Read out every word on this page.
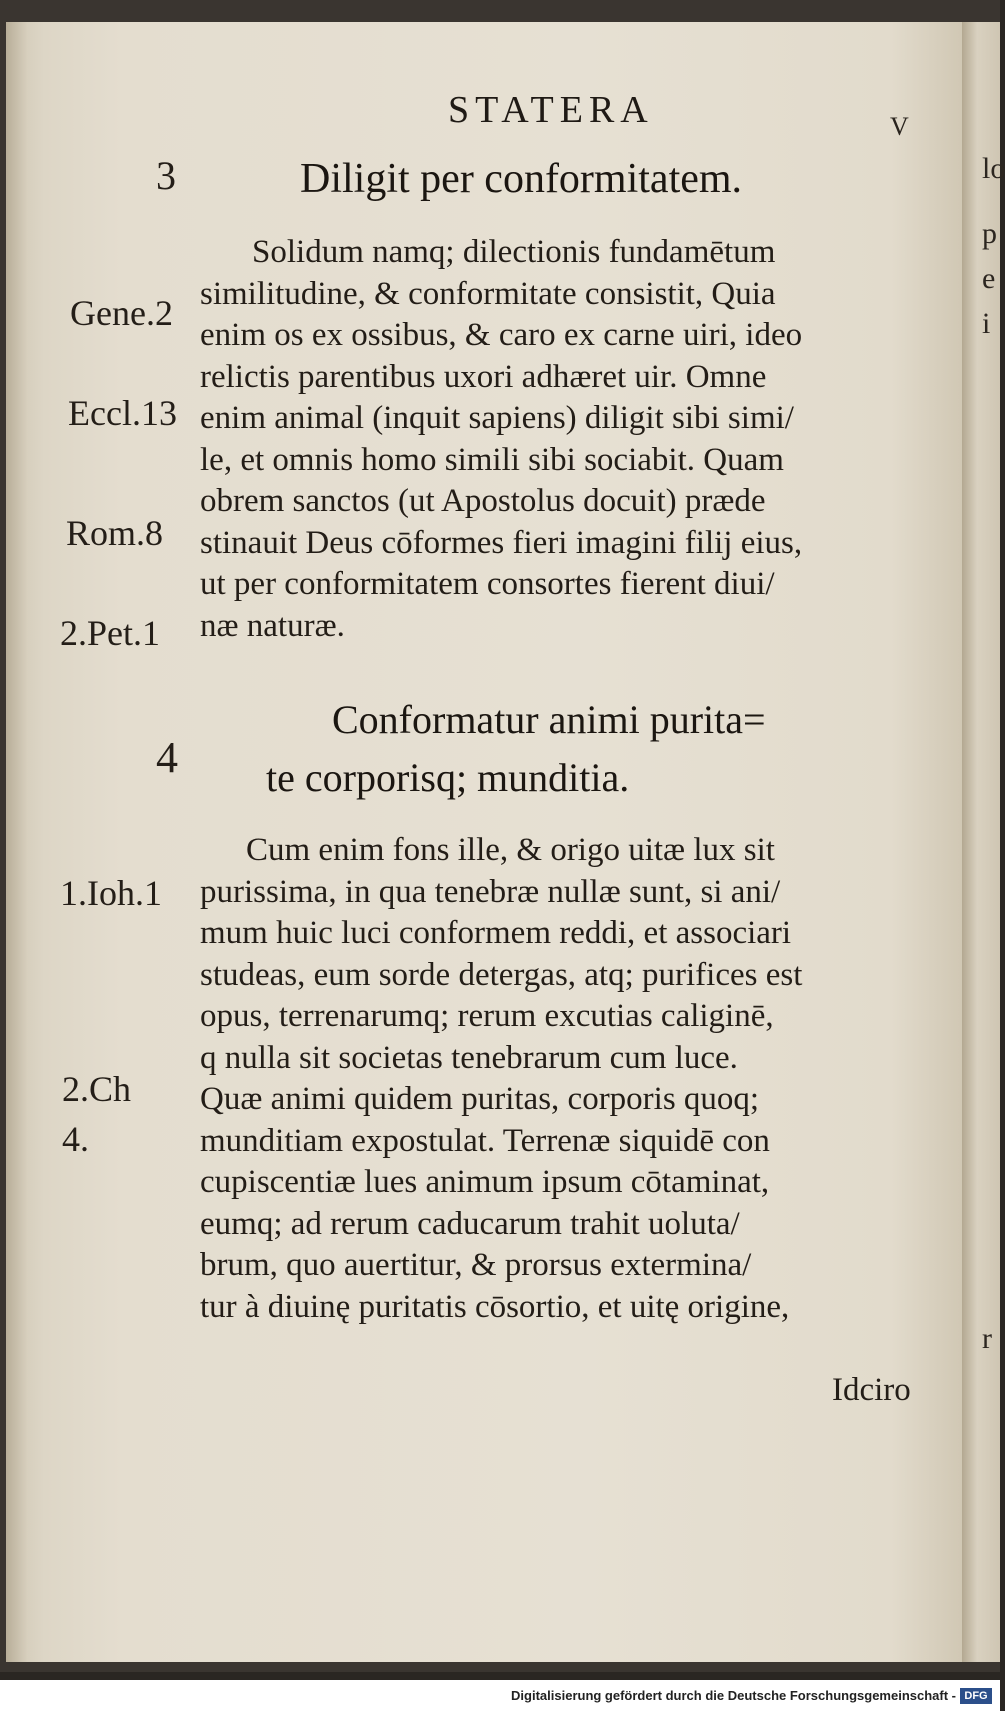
lo
p
e
i
r
STATERA	V
3
Gene.2
Eccl.13
Rom.8
2.Pet.1
4
1.Ioh.1
2.Ch
4.
Diligit per conformitatem.
Conformatur animi purita=
te corporisq; munditia.
Solidum namq; dilectionis fundamētum
similitudine, & conformitate consistit, Quia
enim os ex ossibus, & caro ex carne uiri, ideo
relictis parentibus uxori adhæret uir. Omne
enim animal (inquit sapiens) diligit sibi simi/
le, et omnis homo simili sibi sociabit. Quam
obrem sanctos (ut Apostolus docuit) præde
stinauit Deus cōformes fieri imagini filij eius,
ut per conformitatem consortes fierent diui/
næ naturæ.
Cum enim fons ille, & origo uitæ lux sit
purissima, in qua tenebræ nullæ sunt, si ani/
mum huic luci conformem reddi, et associari
studeas, eum sorde detergas, atq; purifices est
opus, terrenarumq; rerum excutias caliginē,
q nulla sit societas tenebrarum cum luce.
Quæ animi quidem puritas, corporis quoq;
munditiam expostulat. Terrenæ siquidē con
cupiscentiæ lues animum ipsum cōtaminat,
eumq; ad rerum caducarum trahit uoluta/
brum, quo auertitur, & prorsus extermina/
tur à diuinę puritatis cōsortio, et uitę origine,
Idciro
Digitalisierung gefördert durch die Deutsche Forschungsgemeinschaft - DFG
